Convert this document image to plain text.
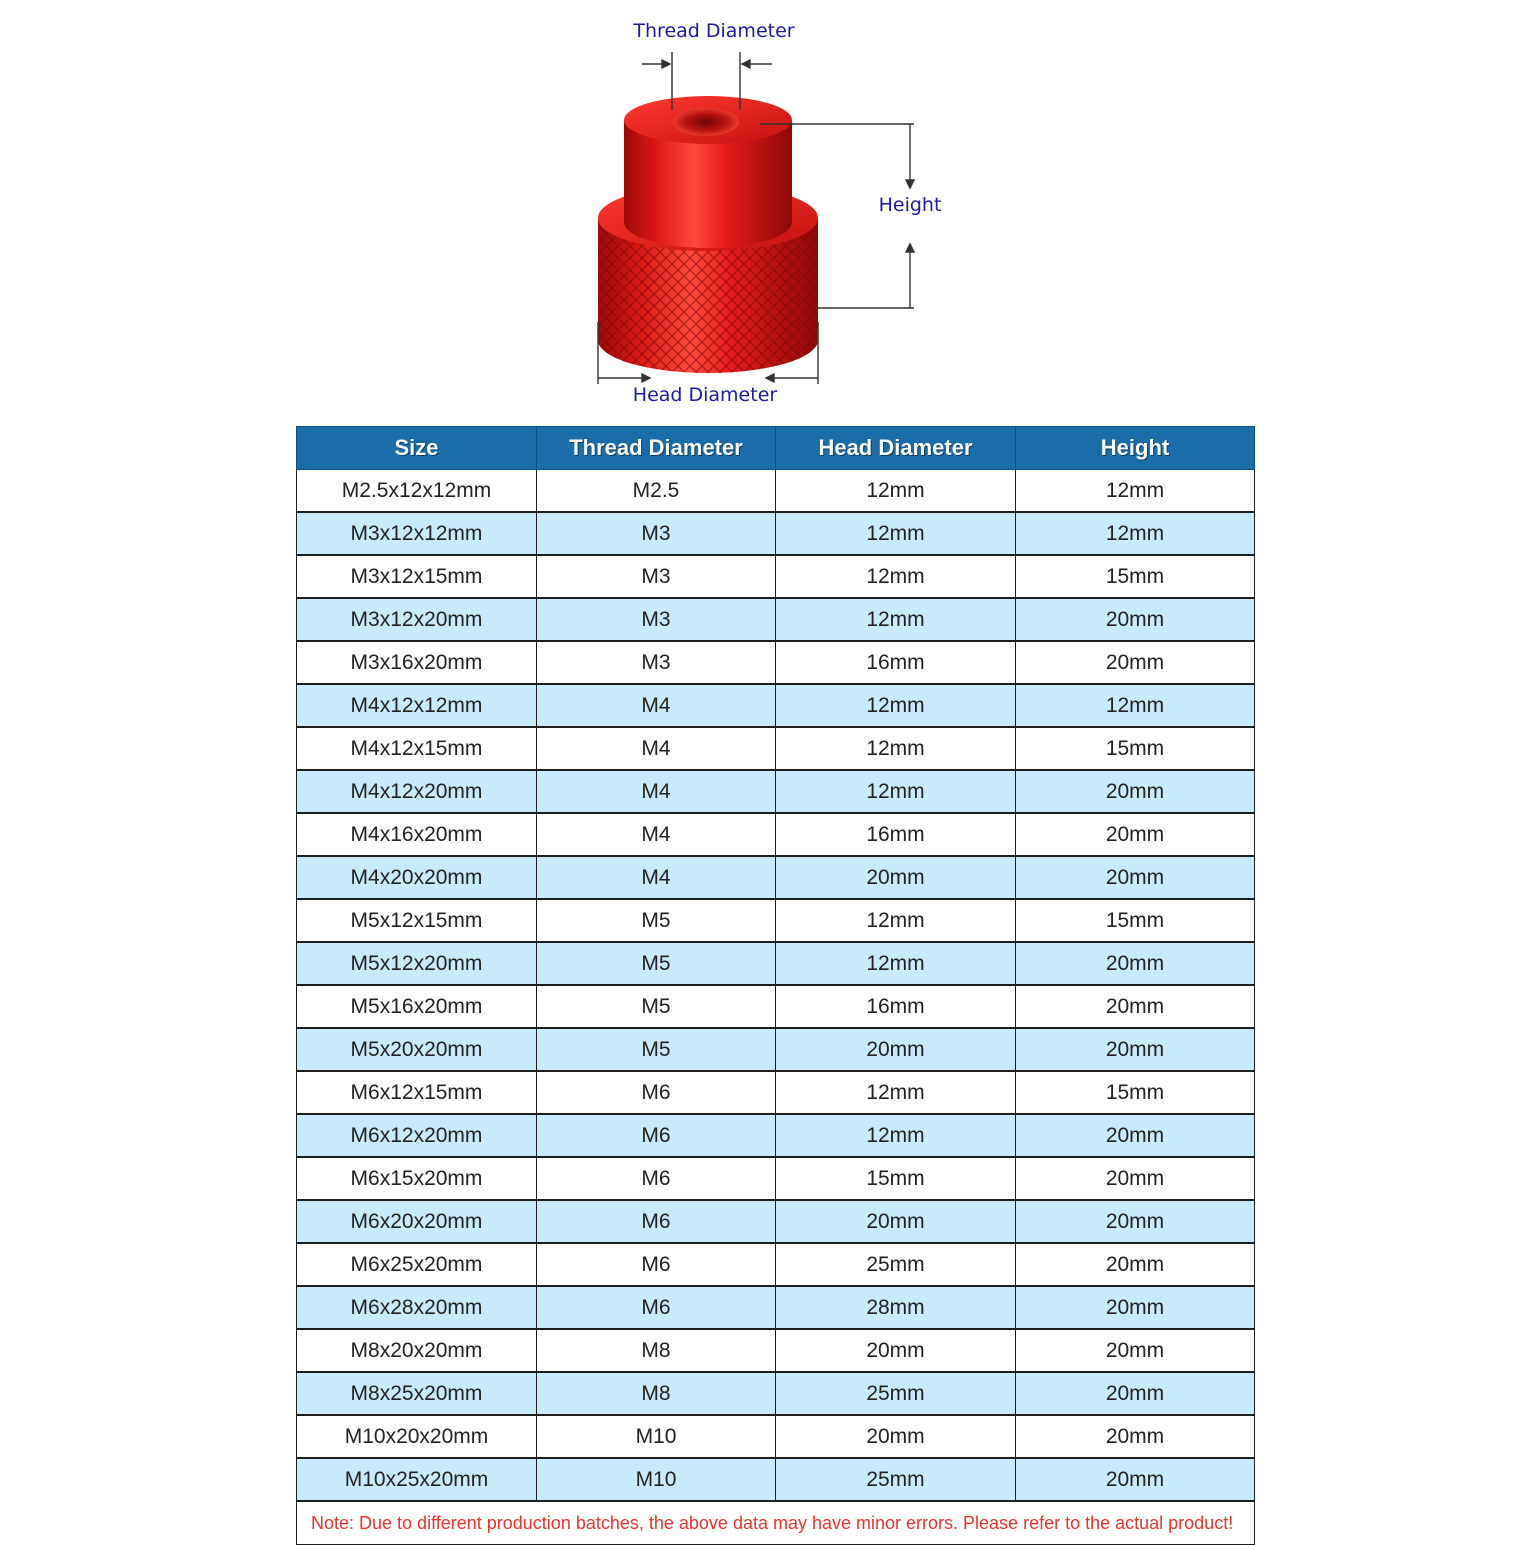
Thread Diameter
Height
Head Diameter
Size	Thread Diameter	Head Diameter	Height
M2.5x12x12mm	M2.5	12mm	12mm
M3x12x12mm	M3	12mm	12mm
M3x12x15mm	M3	12mm	15mm
M3x12x20mm	M3	12mm	20mm
M3x16x20mm	M3	16mm	20mm
M4x12x12mm	M4	12mm	12mm
M4x12x15mm	M4	12mm	15mm
M4x12x20mm	M4	12mm	20mm
M4x16x20mm	M4	16mm	20mm
M4x20x20mm	M4	20mm	20mm
M5x12x15mm	M5	12mm	15mm
M5x12x20mm	M5	12mm	20mm
M5x16x20mm	M5	16mm	20mm
M5x20x20mm	M5	20mm	20mm
M6x12x15mm	M6	12mm	15mm
M6x12x20mm	M6	12mm	20mm
M6x15x20mm	M6	15mm	20mm
M6x20x20mm	M6	20mm	20mm
M6x25x20mm	M6	25mm	20mm
M6x28x20mm	M6	28mm	20mm
M8x20x20mm	M8	20mm	20mm
M8x25x20mm	M8	25mm	20mm
M10x20x20mm	M10	20mm	20mm
M10x25x20mm	M10	25mm	20mm
Note: Due to different production batches, the above data may have minor errors. Please refer to the actual product!			
